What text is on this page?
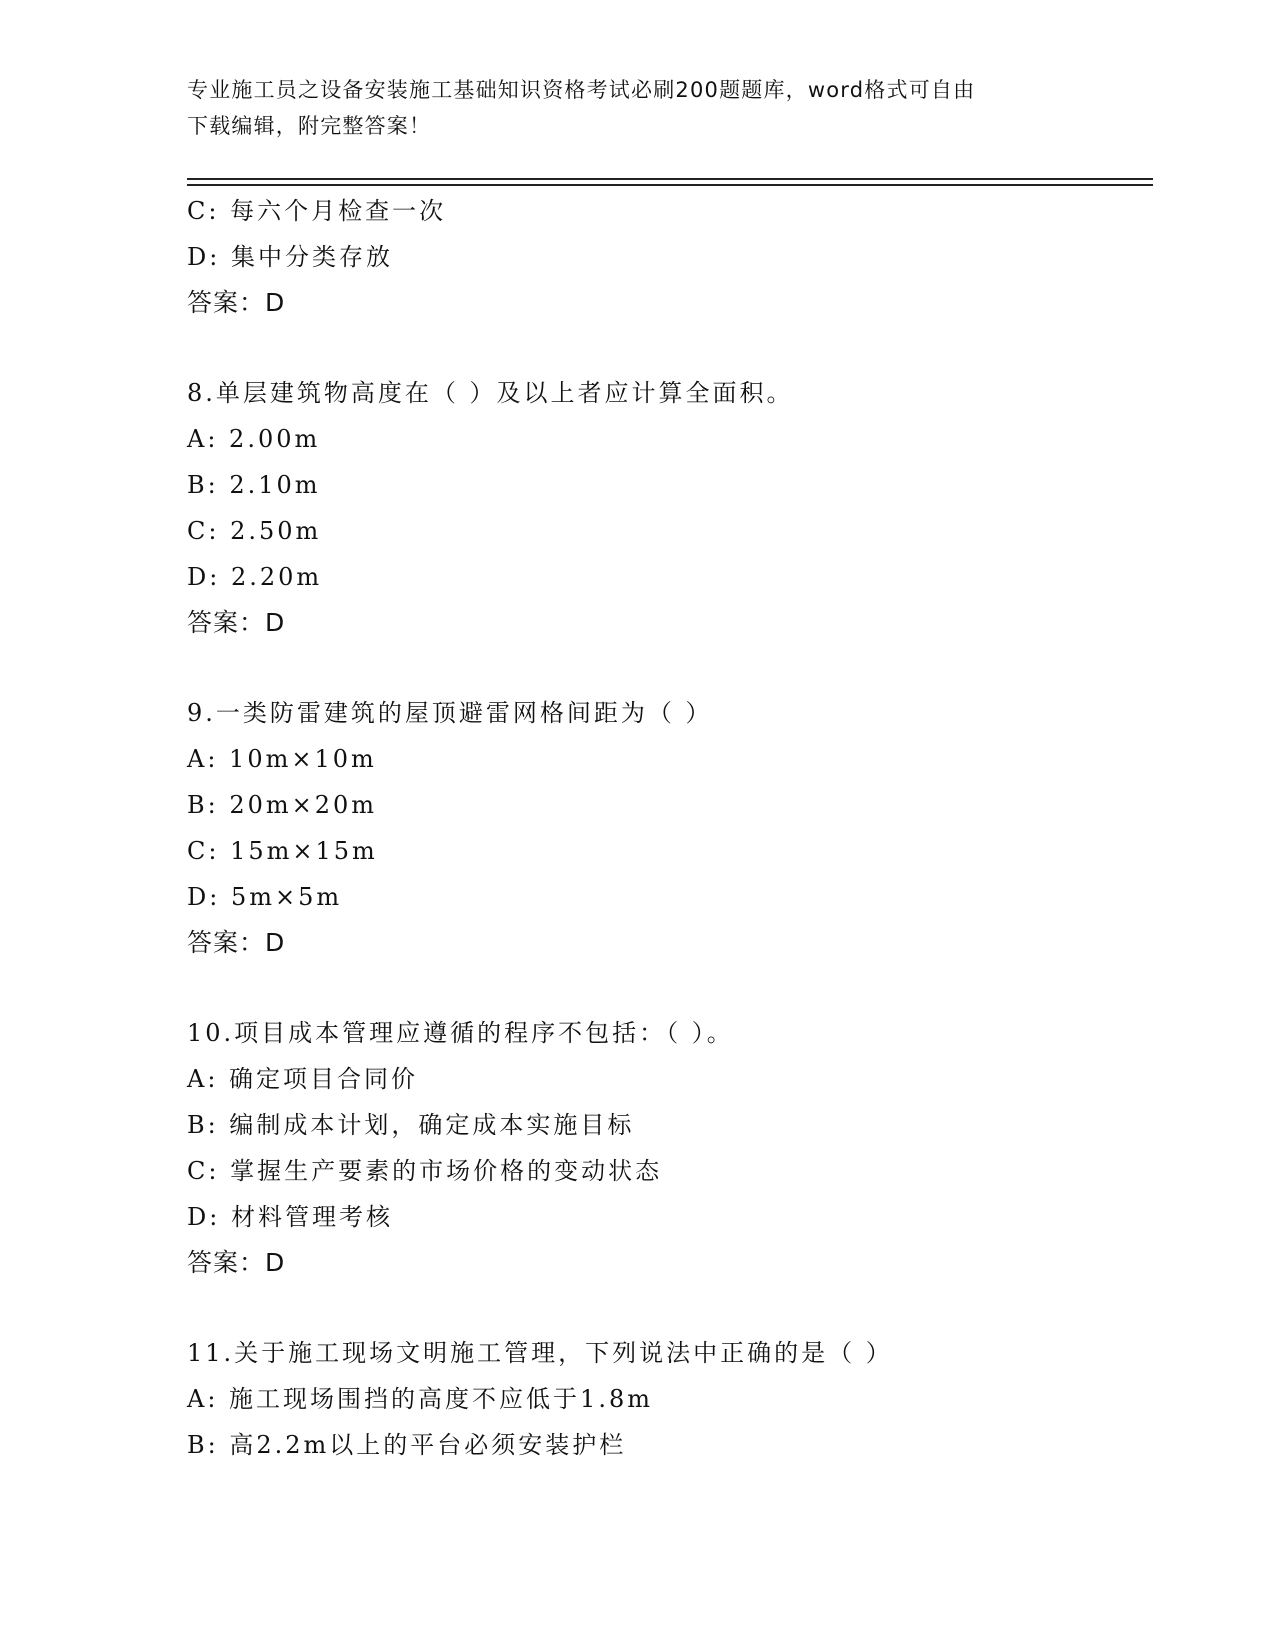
专业施工员之设备安装施工基础知识资格考试必刷200题题库，word格式可自由
下载编辑，附完整答案！
C: 每六个月检查一次
D: 集中分类存放
答案：D
8.单层建筑物高度在（ ）及以上者应计算全面积。
A: 2.00m
B: 2.10m
C: 2.50m
D: 2.20m
答案：D
9.一类防雷建筑的屋顶避雷网格间距为（ ）
A: 10m×10m
B: 20m×20m
C: 15m×15m
D: 5m×5m
答案：D
10.项目成本管理应遵循的程序不包括：（ ）。
A: 确定项目合同价
B: 编制成本计划，确定成本实施目标
C: 掌握生产要素的市场价格的变动状态
D: 材料管理考核
答案：D
11.关于施工现场文明施工管理，下列说法中正确的是（ ）
A: 施工现场围挡的高度不应低于1.8m
B: 高2.2m以上的平台必须安装护栏
